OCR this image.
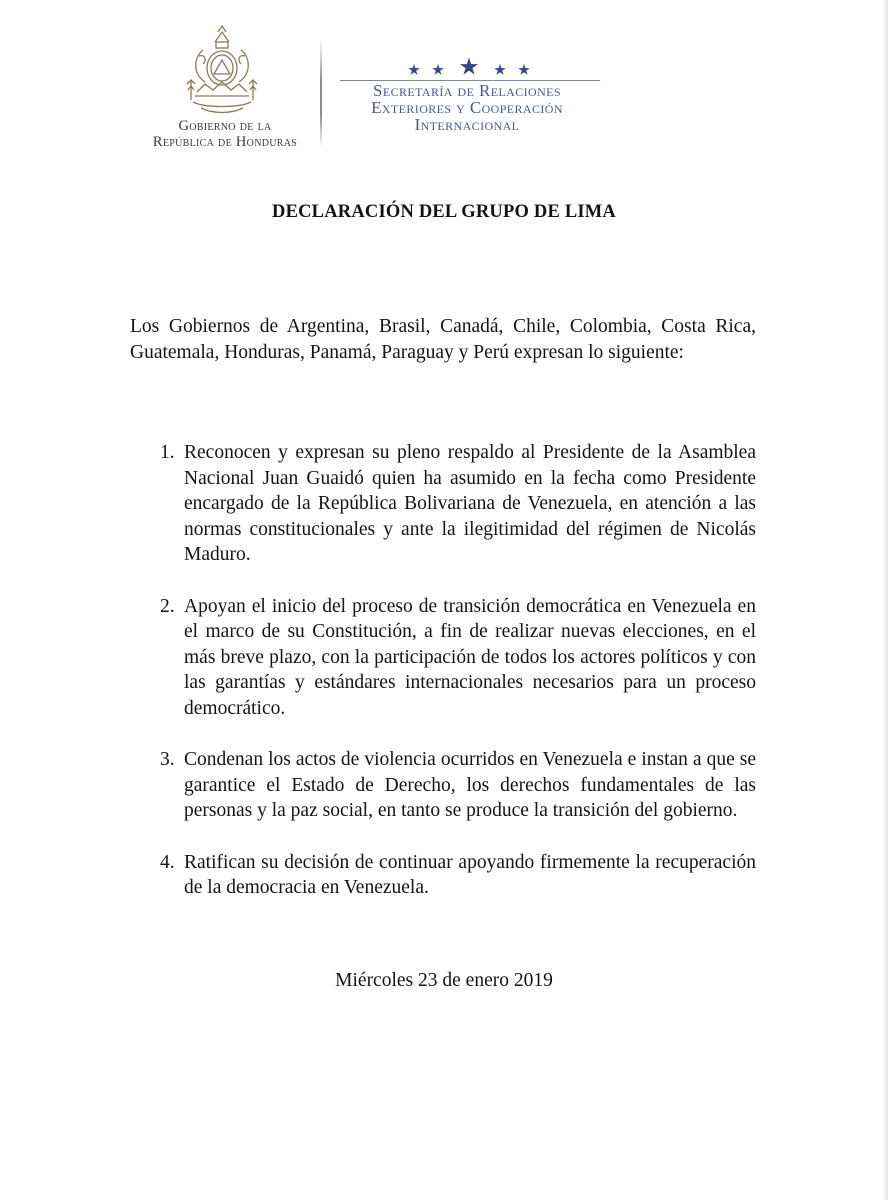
Gobierno de la
República de Honduras
Secretaría de Relaciones
Exteriores y Cooperación
Internacional
DECLARACIÓN DEL GRUPO DE LIMA

Los Gobiernos de Argentina, Brasil, Canadá, Chile, Colombia, Costa Rica, Guatemala, Honduras, Panamá, Paraguay y Perú expresan lo siguiente:

1. Reconocen y expresan su pleno respaldo al Presidente de la Asamblea Nacional Juan Guaidó quien ha asumido en la fecha como Presidente encargado de la República Bolivariana de Venezuela, en atención a las normas constitucionales y ante la ilegitimidad del régimen de Nicolás Maduro.
2. Apoyan el inicio del proceso de transición democrática en Venezuela en el marco de su Constitución, a fin de realizar nuevas elecciones, en el más breve plazo, con la participación de todos los actores políticos y con las garantías y estándares internacionales necesarios para un proceso democrático.
3. Condenan los actos de violencia ocurridos en Venezuela e instan a que se garantice el Estado de Derecho, los derechos fundamentales de las personas y la paz social, en tanto se produce la transición del gobierno.
4. Ratifican su decisión de continuar apoyando firmemente la recuperación de la democracia en Venezuela.
Miércoles 23 de enero 2019
